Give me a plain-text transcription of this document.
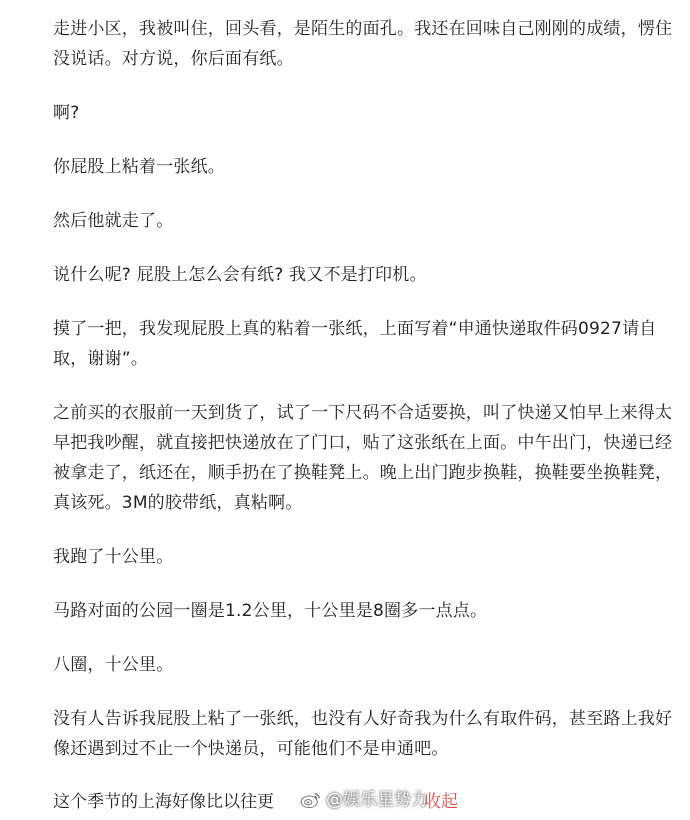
走进小区，我被叫住，回头看，是陌生的面孔。我还在回味自己刚刚的成绩，愣住没说话。对方说，你后面有纸。

啊?

你屁股上粘着一张纸。

然后他就走了。

说什么呢? 屁股上怎么会有纸? 我又不是打印机。

摸了一把，我发现屁股上真的粘着一张纸，上面写着“申通快递取件码0927请自取，谢谢”。

之前买的衣服前一天到货了，试了一下尺码不合适要换，叫了快递又怕早上来得太早把我吵醒，就直接把快递放在了门口，贴了这张纸在上面。中午出门，快递已经被拿走了，纸还在，顺手扔在了换鞋凳上。晚上出门跑步换鞋，换鞋要坐换鞋凳，真该死。3M的胶带纸，真粘啊。

我跑了十公里。

马路对面的公园一圈是1.2公里，十公里是8圈多一点点。

八圈，十公里。

没有人告诉我屁股上粘了一张纸，也没有人好奇我为什么有取件码，甚至路上我好像还遇到过不止一个快递员，可能他们不是申通吧。

这个季节的上海好像比以往更	收起
@娱乐星势力
